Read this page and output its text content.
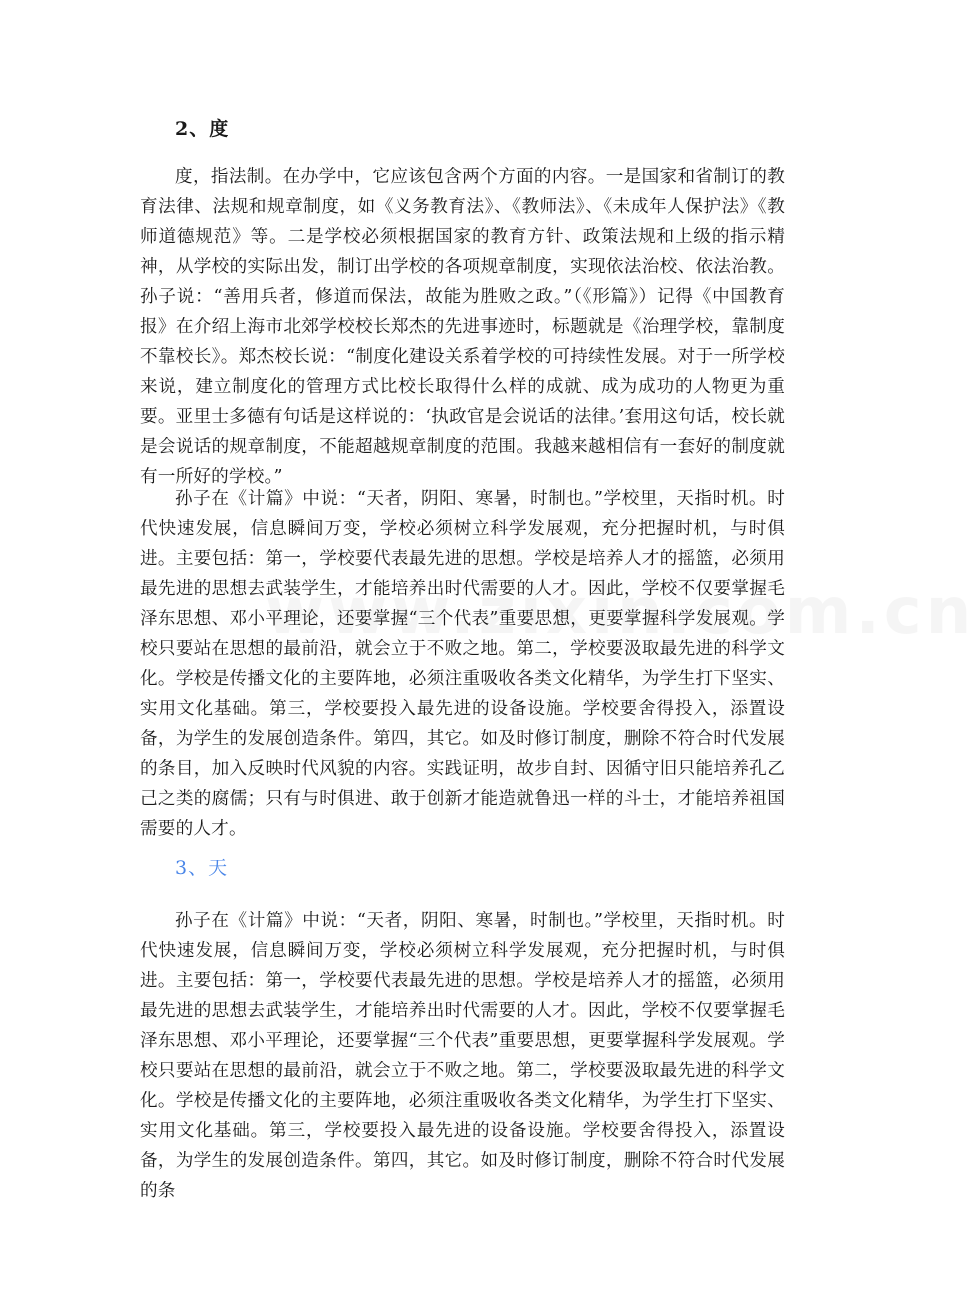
2、度

度，指法制。在办学中，它应该包含两个方面的内容。一是国家和省制订的教育法律、法规和规章制度，如《义务教育法》、《教师法》、《未成年人保护法》《教师道德规范》等。二是学校必须根据国家的教育方针、政策法规和上级的指示精神，从学校的实际出发，制订出学校的各项规章制度，实现依法治校、依法治教。孙子说：“善用兵者，修道而保法，故能为胜败之政。”（《形篇》）记得《中国教育报》在介绍上海市北郊学校校长郑杰的先进事迹时，标题就是《治理学校，靠制度不靠校长》。郑杰校长说：“制度化建设关系着学校的可持续性发展。对于一所学校来说，建立制度化的管理方式比校长取得什么样的成就、成为成功的人物更为重要。亚里士多德有句话是这样说的：‘执政官是会说话的法律。’套用这句话，校长就是会说话的规章制度，不能超越规章制度的范围。我越来越相信有一套好的制度就有一所好的学校。”

孙子在《计篇》中说：“天者，阴阳、寒暑，时制也。”学校里，天指时机。时代快速发展，信息瞬间万变，学校必须树立科学发展观，充分把握时机，与时俱进。主要包括：第一，学校要代表最先进的思想。学校是培养人才的摇篮，必须用最先进的思想去武装学生，才能培养出时代需要的人才。因此，学校不仅要掌握毛泽东思想、邓小平理论，还要掌握“三个代表”重要思想，更要掌握科学发展观。学校只要站在思想的最前沿，就会立于不败之地。第二，学校要汲取最先进的科学文化。学校是传播文化的主要阵地，必须注重吸收各类文化精华，为学生打下坚实、实用文化基础。第三，学校要投入最先进的设备设施。学校要舍得投入，添置设备，为学生的发展创造条件。第四，其它。如及时修订制度，删除不符合时代发展的条目，加入反映时代风貌的内容。实践证明，故步自封、因循守旧只能培养孔乙己之类的腐儒；只有与时俱进、敢于创新才能造就鲁迅一样的斗士，才能培养祖国需要的人才。

3、天

孙子在《计篇》中说：“天者，阴阳、寒暑，时制也。”学校里，天指时机。时代快速发展，信息瞬间万变，学校必须树立科学发展观，充分把握时机，与时俱进。主要包括：第一，学校要代表最先进的思想。学校是培养人才的摇篮，必须用最先进的思想去武装学生，才能培养出时代需要的人才。因此，学校不仅要掌握毛泽东思想、邓小平理论，还要掌握“三个代表”重要思想，更要掌握科学发展观。学校只要站在思想的最前沿，就会立于不败之地。第二，学校要汲取最先进的科学文化。学校是传播文化的主要阵地，必须注重吸收各类文化精华，为学生打下坚实、实用文化基础。第三，学校要投入最先进的设备设施。学校要舍得投入，添置设备，为学生的发展创造条件。第四，其它。如及时修订制度，删除不符合时代发展的条
